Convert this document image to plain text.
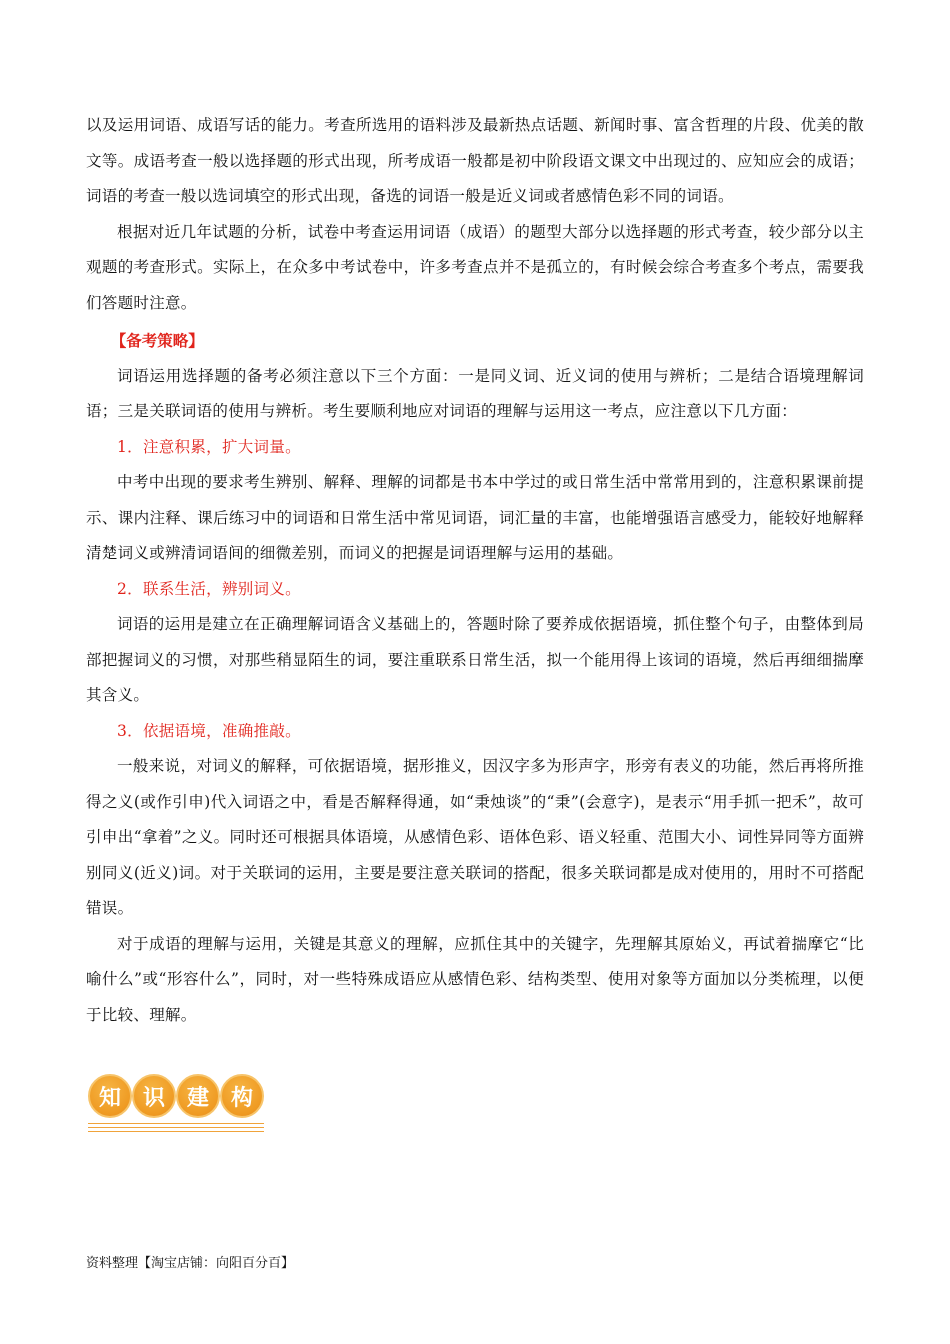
以及运用词语、成语写话的能力。考查所选用的语料涉及最新热点话题、新闻时事、富含哲理的片段、优美的散文等。成语考查一般以选择题的形式出现，所考成语一般都是初中阶段语文课文中出现过的、应知应会的成语；词语的考查一般以选词填空的形式出现，备选的词语一般是近义词或者感情色彩不同的词语。

根据对近几年试题的分析，试卷中考查运用词语（成语）的题型大部分以选择题的形式考查，较少部分以主观题的考查形式。实际上，在众多中考试卷中，许多考查点并不是孤立的，有时候会综合考查多个考点，需要我们答题时注意。

【备考策略】

词语运用选择题的备考必须注意以下三个方面：一是同义词、近义词的使用与辨析；二是结合语境理解词语；三是关联词语的使用与辨析。考生要顺利地应对词语的理解与运用这一考点，应注意以下几方面：

1．注意积累，扩大词量。

中考中出现的要求考生辨别、解释、理解的词都是书本中学过的或日常生活中常常用到的，注意积累课前提示、课内注释、课后练习中的词语和日常生活中常见词语，词汇量的丰富，也能增强语言感受力，能较好地解释清楚词义或辨清词语间的细微差别，而词义的把握是词语理解与运用的基础。

2．联系生活，辨别词义。

词语的运用是建立在正确理解词语含义基础上的，答题时除了要养成依据语境，抓住整个句子，由整体到局部把握词义的习惯，对那些稍显陌生的词，要注重联系日常生活，拟一个能用得上该词的语境，然后再细细揣摩其含义。

3．依据语境，准确推敲。

一般来说，对词义的解释，可依据语境，据形推义，因汉字多为形声字，形旁有表义的功能，然后再将所推得之义(或作引申)代入词语之中，看是否解释得通，如“秉烛谈”的“秉”(会意字)，是表示“用手抓一把禾”，故可引申出“拿着”之义。同时还可根据具体语境，从感情色彩、语体色彩、语义轻重、范围大小、词性异同等方面辨别同义(近义)词。对于关联词的运用，主要是要注意关联词的搭配，很多关联词都是成对使用的，用时不可搭配错误。

对于成语的理解与运用，关键是其意义的理解，应抓住其中的关键字，先理解其原始义，再试着揣摩它“比喻什么”或“形容什么”，同时，对一些特殊成语应从感情色彩、结构类型、使用对象等方面加以分类梳理，以便于比较、理解。

知 识 建 构
资料整理【淘宝店铺：向阳百分百】
